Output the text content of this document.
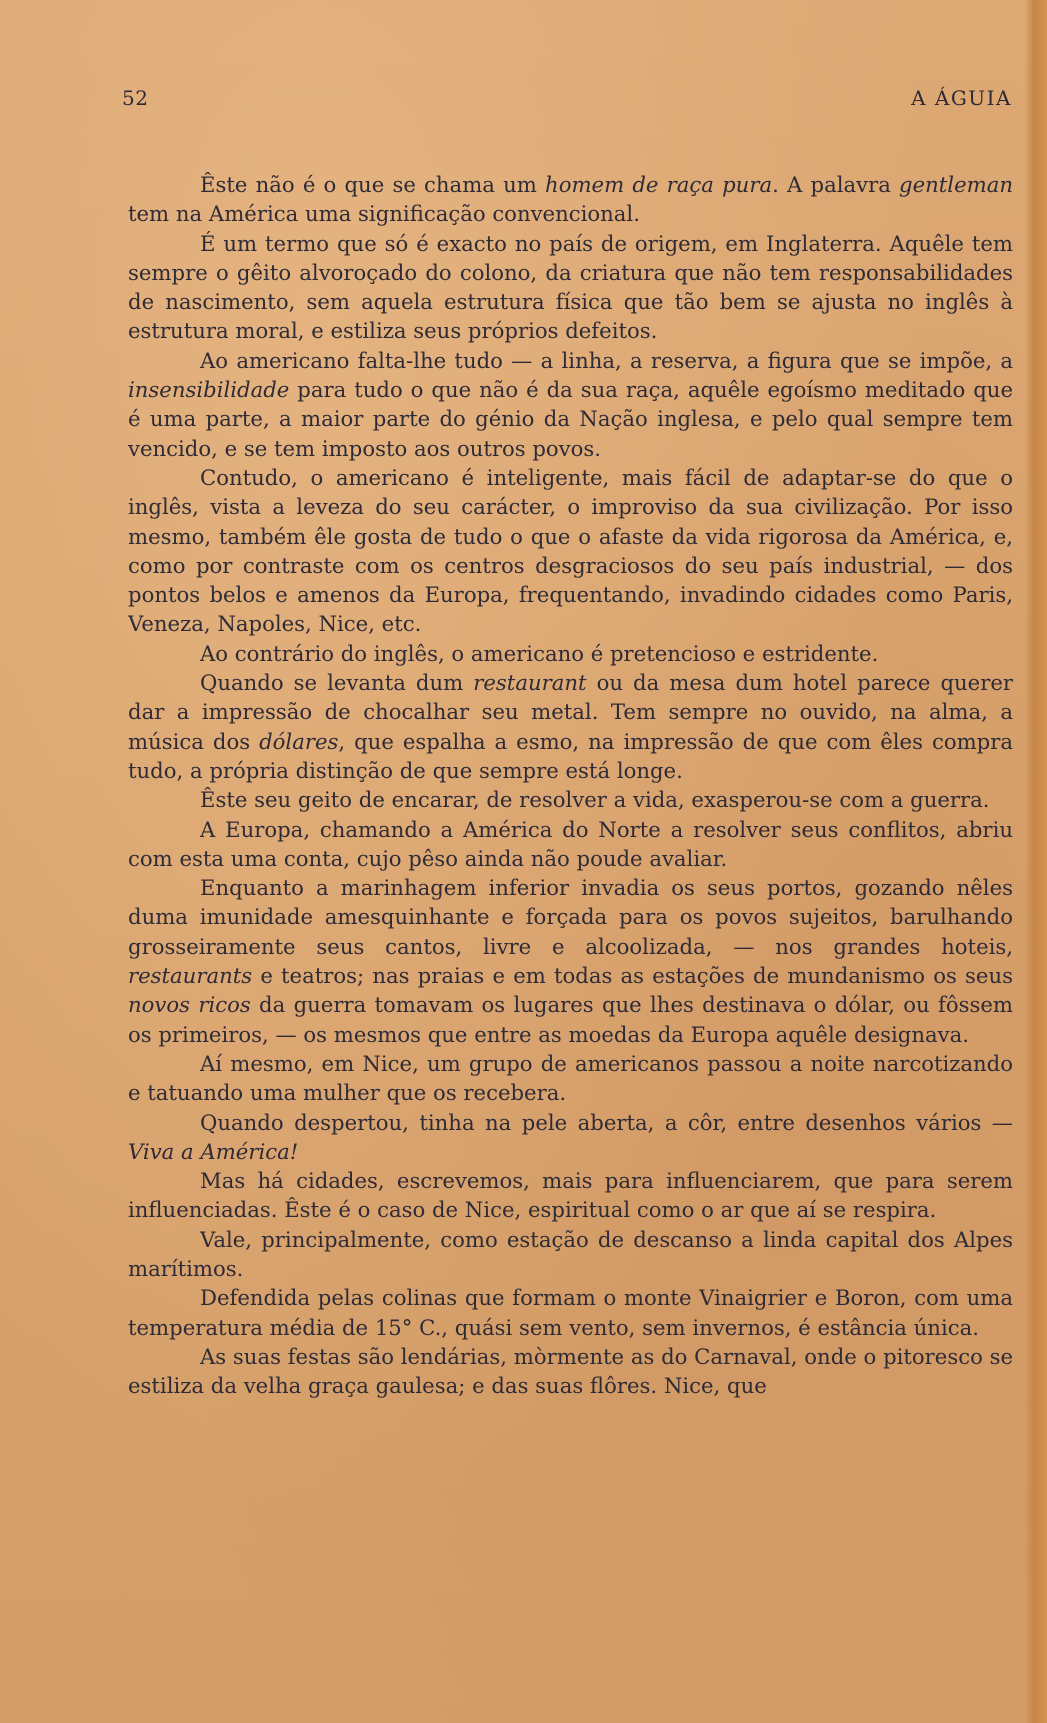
52	A ÁGUIA

Êste não é o que se chama um homem de raça pura. A palavra gentleman tem na América uma significação convencional.

É um termo que só é exacto no país de origem, em Inglaterra. Aquêle tem sempre o gêito alvoroçado do colono, da criatura que não tem responsabilidades de nascimento, sem aquela estrutura física que tão bem se ajusta no inglês à estrutura moral, e estiliza seus próprios defeitos.

Ao americano falta-lhe tudo — a linha, a reserva, a figura que se impõe, a insensibilidade para tudo o que não é da sua raça, aquêle egoísmo meditado que é uma parte, a maior parte do génio da Nação inglesa, e pelo qual sempre tem vencido, e se tem imposto aos outros povos.

Contudo, o americano é inteligente, mais fácil de adaptar-se do que o inglês, vista a leveza do seu carácter, o improviso da sua civilização. Por isso mesmo, também êle gosta de tudo o que o afaste da vida rigorosa da América, e, como por contraste com os centros desgraciosos do seu país industrial, — dos pontos belos e amenos da Europa, frequentando, invadindo cidades como Paris, Veneza, Napoles, Nice, etc.

Ao contrário do inglês, o americano é pretencioso e estridente.

Quando se levanta dum restaurant ou da mesa dum hotel parece querer dar a impressão de chocalhar seu metal. Tem sempre no ouvido, na alma, a música dos dólares, que espalha a esmo, na impressão de que com êles compra tudo, a própria distinção de que sempre está longe.

Êste seu geito de encarar, de resolver a vida, exasperou-se com a guerra.

A Europa, chamando a América do Norte a resolver seus conflitos, abriu com esta uma conta, cujo pêso ainda não poude avaliar.

Enquanto a marinhagem inferior invadia os seus portos, gozando nêles duma imunidade amesquinhante e forçada para os povos sujeitos, barulhando grosseiramente seus cantos, livre e alcoolizada, — nos grandes hoteis, restaurants e teatros; nas praias e em todas as estações de mundanismo os seus novos ricos da guerra tomavam os lugares que lhes destinava o dólar, ou fôssem os primeiros, — os mesmos que entre as moedas da Europa aquêle designava.

Aí mesmo, em Nice, um grupo de americanos passou a noite narcotizando e tatuando uma mulher que os recebera.

Quando despertou, tinha na pele aberta, a côr, entre desenhos vários — Viva a América!

Mas há cidades, escrevemos, mais para influenciarem, que para serem influenciadas. Êste é o caso de Nice, espiritual como o ar que aí se respira.

Vale, principalmente, como estação de descanso a linda capital dos Alpes marítimos.

Defendida pelas colinas que formam o monte Vinaigrier e Boron, com uma temperatura média de 15° C., quási sem vento, sem invernos, é estância única.

As suas festas são lendárias, mòrmente as do Carnaval, onde o pitoresco se estiliza da velha graça gaulesa; e das suas flôres. Nice, que
